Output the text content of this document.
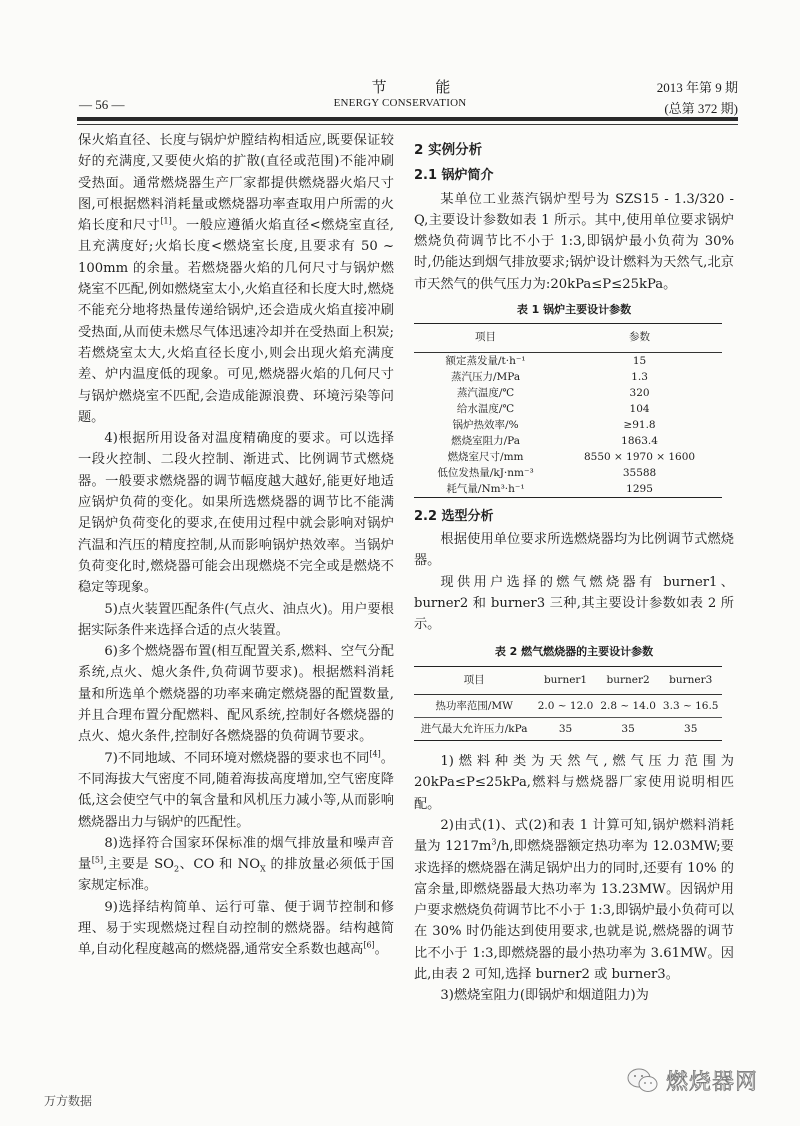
节 能
ENERGY CONSERVATION
— 56 —
2013 年第 9 期
(总第 372 期)

保火焰直径、长度与锅炉炉膛结构相适应,既要保证较好的充满度,又要使火焰的扩散(直径或范围)不能冲刷受热面。通常燃烧器生产厂家都提供燃烧器火焰尺寸图,可根据燃料消耗量或燃烧器功率查取用户所需的火焰长度和尺寸[1]。一般应遵循火焰直径<燃烧室直径,且充满度好;火焰长度<燃烧室长度,且要求有 50 ~ 100mm 的余量。若燃烧器火焰的几何尺寸与锅炉燃烧室不匹配,例如燃烧室太小,火焰直径和长度大时,燃烧不能充分地将热量传递给锅炉,还会造成火焰直接冲刷受热面,从而使未燃尽气体迅速冷却并在受热面上积炭;若燃烧室太大,火焰直径长度小,则会出现火焰充满度差、炉内温度低的现象。可见,燃烧器火焰的几何尺寸与锅炉燃烧室不匹配,会造成能源浪费、环境污染等问题。

4)根据所用设备对温度精确度的要求。可以选择一段火控制、二段火控制、渐进式、比例调节式燃烧器。一般要求燃烧器的调节幅度越大越好,能更好地适应锅炉负荷的变化。如果所选燃烧器的调节比不能满足锅炉负荷变化的要求,在使用过程中就会影响对锅炉汽温和汽压的精度控制,从而影响锅炉热效率。当锅炉负荷变化时,燃烧器可能会出现燃烧不完全或是燃烧不稳定等现象。

5)点火装置匹配条件(气点火、油点火)。用户要根据实际条件来选择合适的点火装置。

6)多个燃烧器布置(相互配置关系,燃料、空气分配系统,点火、熄火条件,负荷调节要求)。根据燃料消耗量和所选单个燃烧器的功率来确定燃烧器的配置数量,并且合理布置分配燃料、配风系统,控制好各燃烧器的点火、熄火条件,控制好各燃烧器的负荷调节要求。

7)不同地域、不同环境对燃烧器的要求也不同[4]。不同海拔大气密度不同,随着海拔高度增加,空气密度降低,这会使空气中的氧含量和风机压力减小等,从而影响燃烧器出力与锅炉的匹配性。

8)选择符合国家环保标准的烟气排放量和噪声音量[5],主要是 $SO_2$、CO 和 $NO_X$ 的排放量必须低于国家规定标准。

9)选择结构简单、运行可靠、便于调节控制和修理、易于实现燃烧过程自动控制的燃烧器。结构越简单,自动化程度越高的燃烧器,通常安全系数也越高[6]。

2 实例分析
2.1 锅炉简介

某单位工业蒸汽锅炉型号为 SZS15 - 1.3/320 - Q,主要设计参数如表 1 所示。其中,使用单位要求锅炉燃烧负荷调节比不小于 1:3,即锅炉最小负荷为 30% 时,仍能达到烟气排放要求;锅炉设计燃料为天然气,北京市天然气的供气压力为:20kPa≤P≤25kPa。

表 1 锅炉主要设计参数
项目	参数
额定蒸发量/t·h⁻¹	15
蒸汽压力/MPa	1.3
蒸汽温度/℃	320
给水温度/℃	104
锅炉热效率/%	≥91.8
燃烧室阻力/Pa	1863.4
燃烧室尺寸/mm	8550 × 1970 × 1600
低位发热量/kJ·nm⁻³	35588
耗气量/Nm³·h⁻¹	1295
2.2 选型分析

根据使用单位要求所选燃烧器均为比例调节式燃烧器。

现供用户选择的燃气燃烧器有 burner1、burner2 和 burner3 三种,其主要设计参数如表 2 所示。

表 2 燃气燃烧器的主要设计参数
项目	burner1	burner2	burner3
热功率范围/MW	2.0 ~ 12.0	2.8 ~ 14.0	3.3 ~ 16.5
进气最大允许压力/kPa	35	35	35

1)燃料种类为天然气,燃气压力范围为 20kPa≤P≤25kPa,燃料与燃烧器厂家使用说明相匹配。

2)由式(1)、式(2)和表 1 计算可知,锅炉燃料消耗量为 $1217m^3/h$,即燃烧器额定热功率为 12.03MW;要求选择的燃烧器在满足锅炉出力的同时,还要有 10% 的富余量,即燃烧器最大热功率为 13.23MW。因锅炉用户要求燃烧负荷调节比不小于 1:3,即锅炉最小负荷可以在 30% 时仍能达到使用要求,也就是说,燃烧器的调节比不小于 1:3,即燃烧器的最小热功率为 3.61MW。因此,由表 2 可知,选择 burner2 或 burner3。

3)燃烧室阻力(即锅炉和烟道阻力)为

万方数据
燃烧器网
